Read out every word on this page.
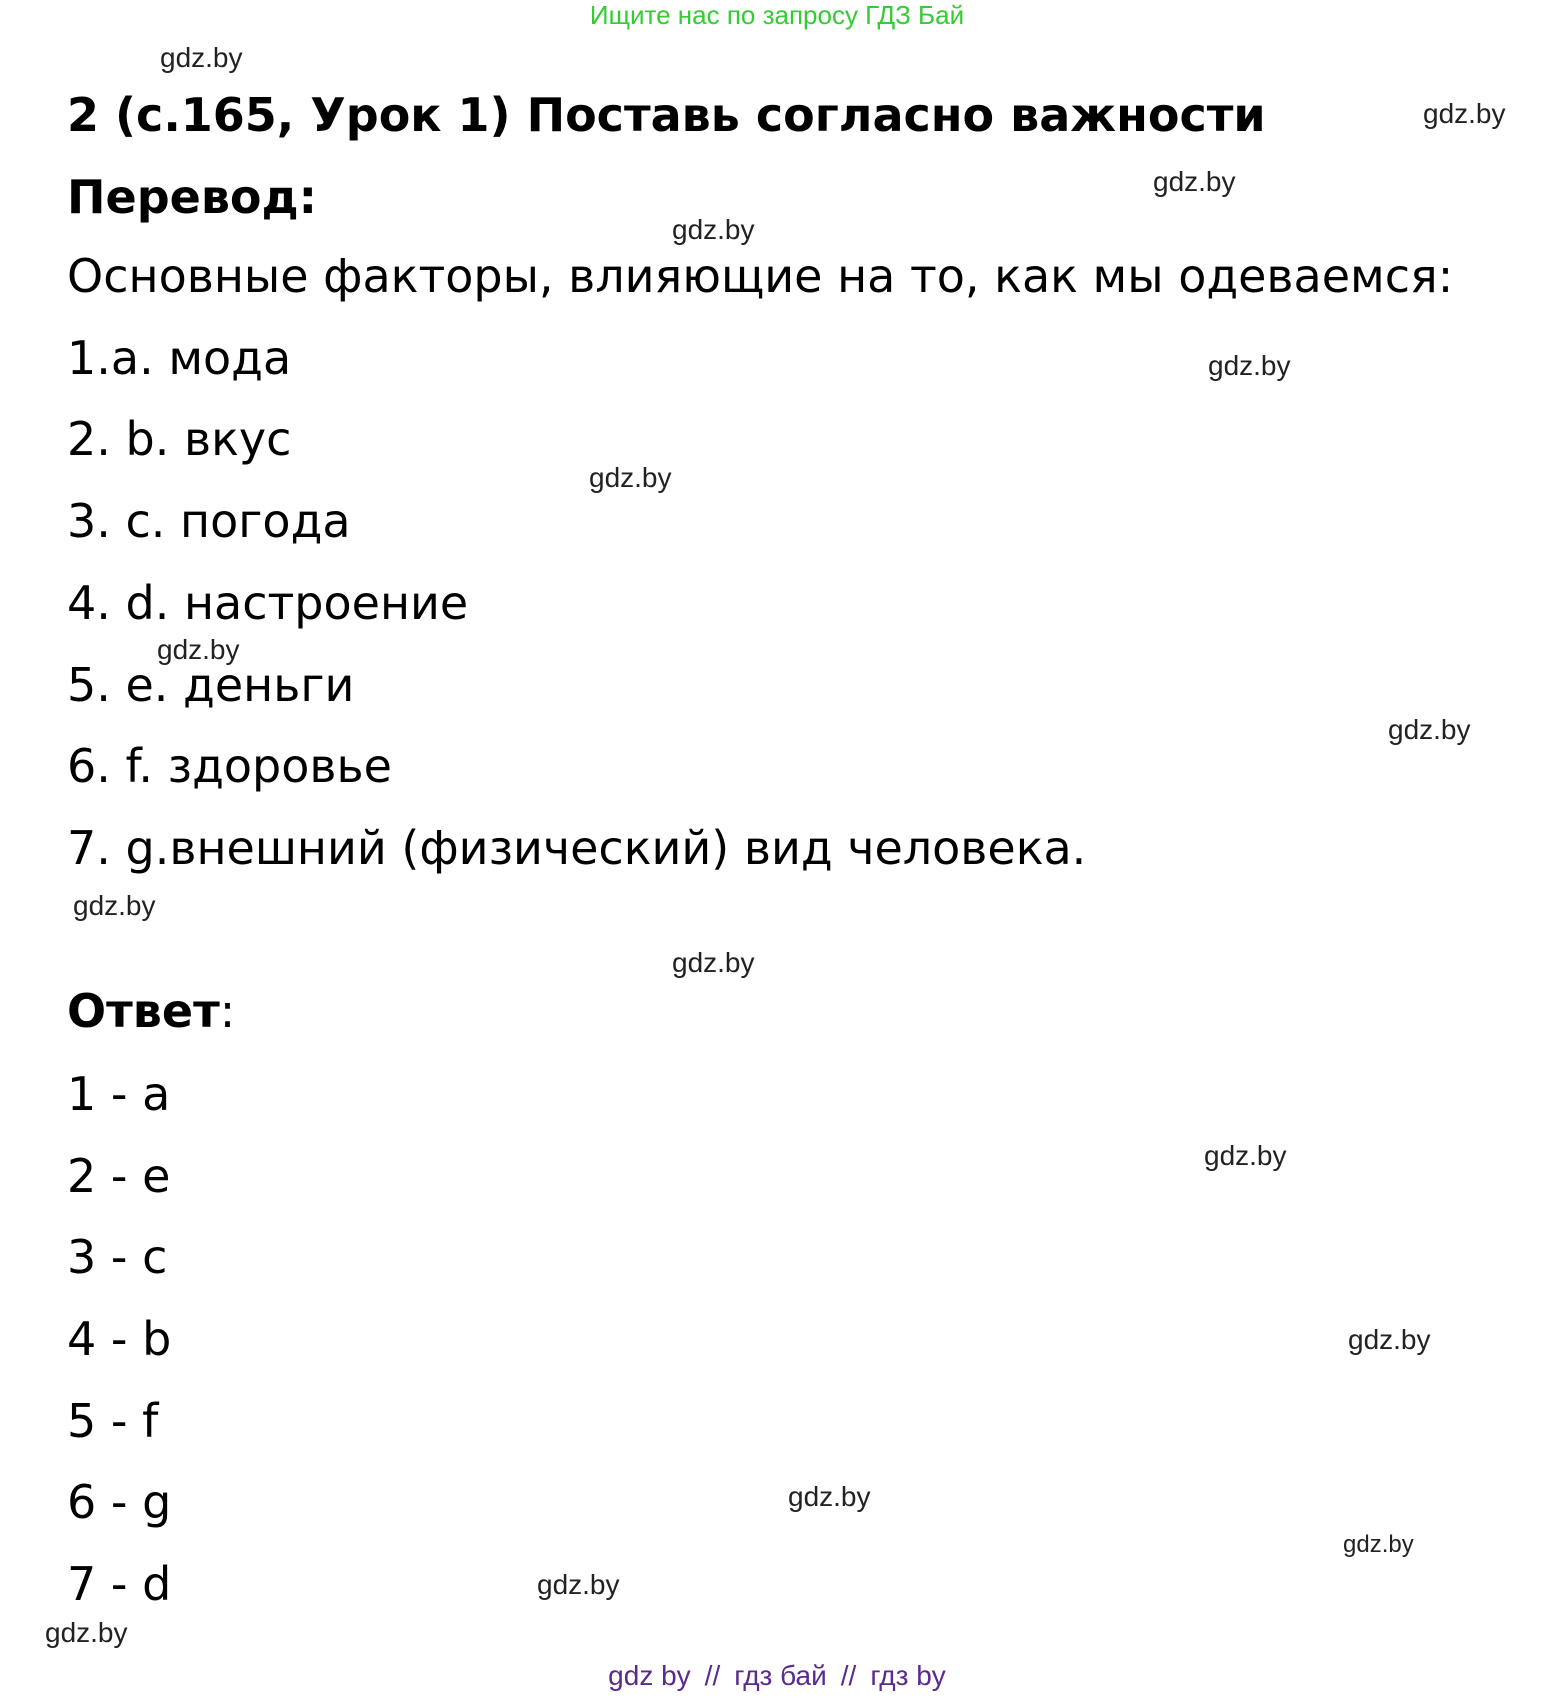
Ищите нас по запросу ГДЗ Бай
2 (с.165, Урок 1) Поставь согласно важности
Перевод:
Основные факторы, влияющие на то, как мы одеваемся:
1.a. мода
2. b. вкус
3. c. погода
4. d. настроение
5. e. деньги
6. f. здоровье
7. g.внешний (физический) вид человека.
Ответ:
1 - a
2 - e
3 - c
4 - b
5 - f
6 - g
7 - d
gdz.by
gdz.by
gdz.by
gdz.by
gdz.by
gdz.by
gdz.by
gdz.by
gdz.by
gdz.by
gdz.by
gdz.by
gdz.by
gdz.by
gdz.by
gdz.by
gdz by // гдз бай // гдз by
